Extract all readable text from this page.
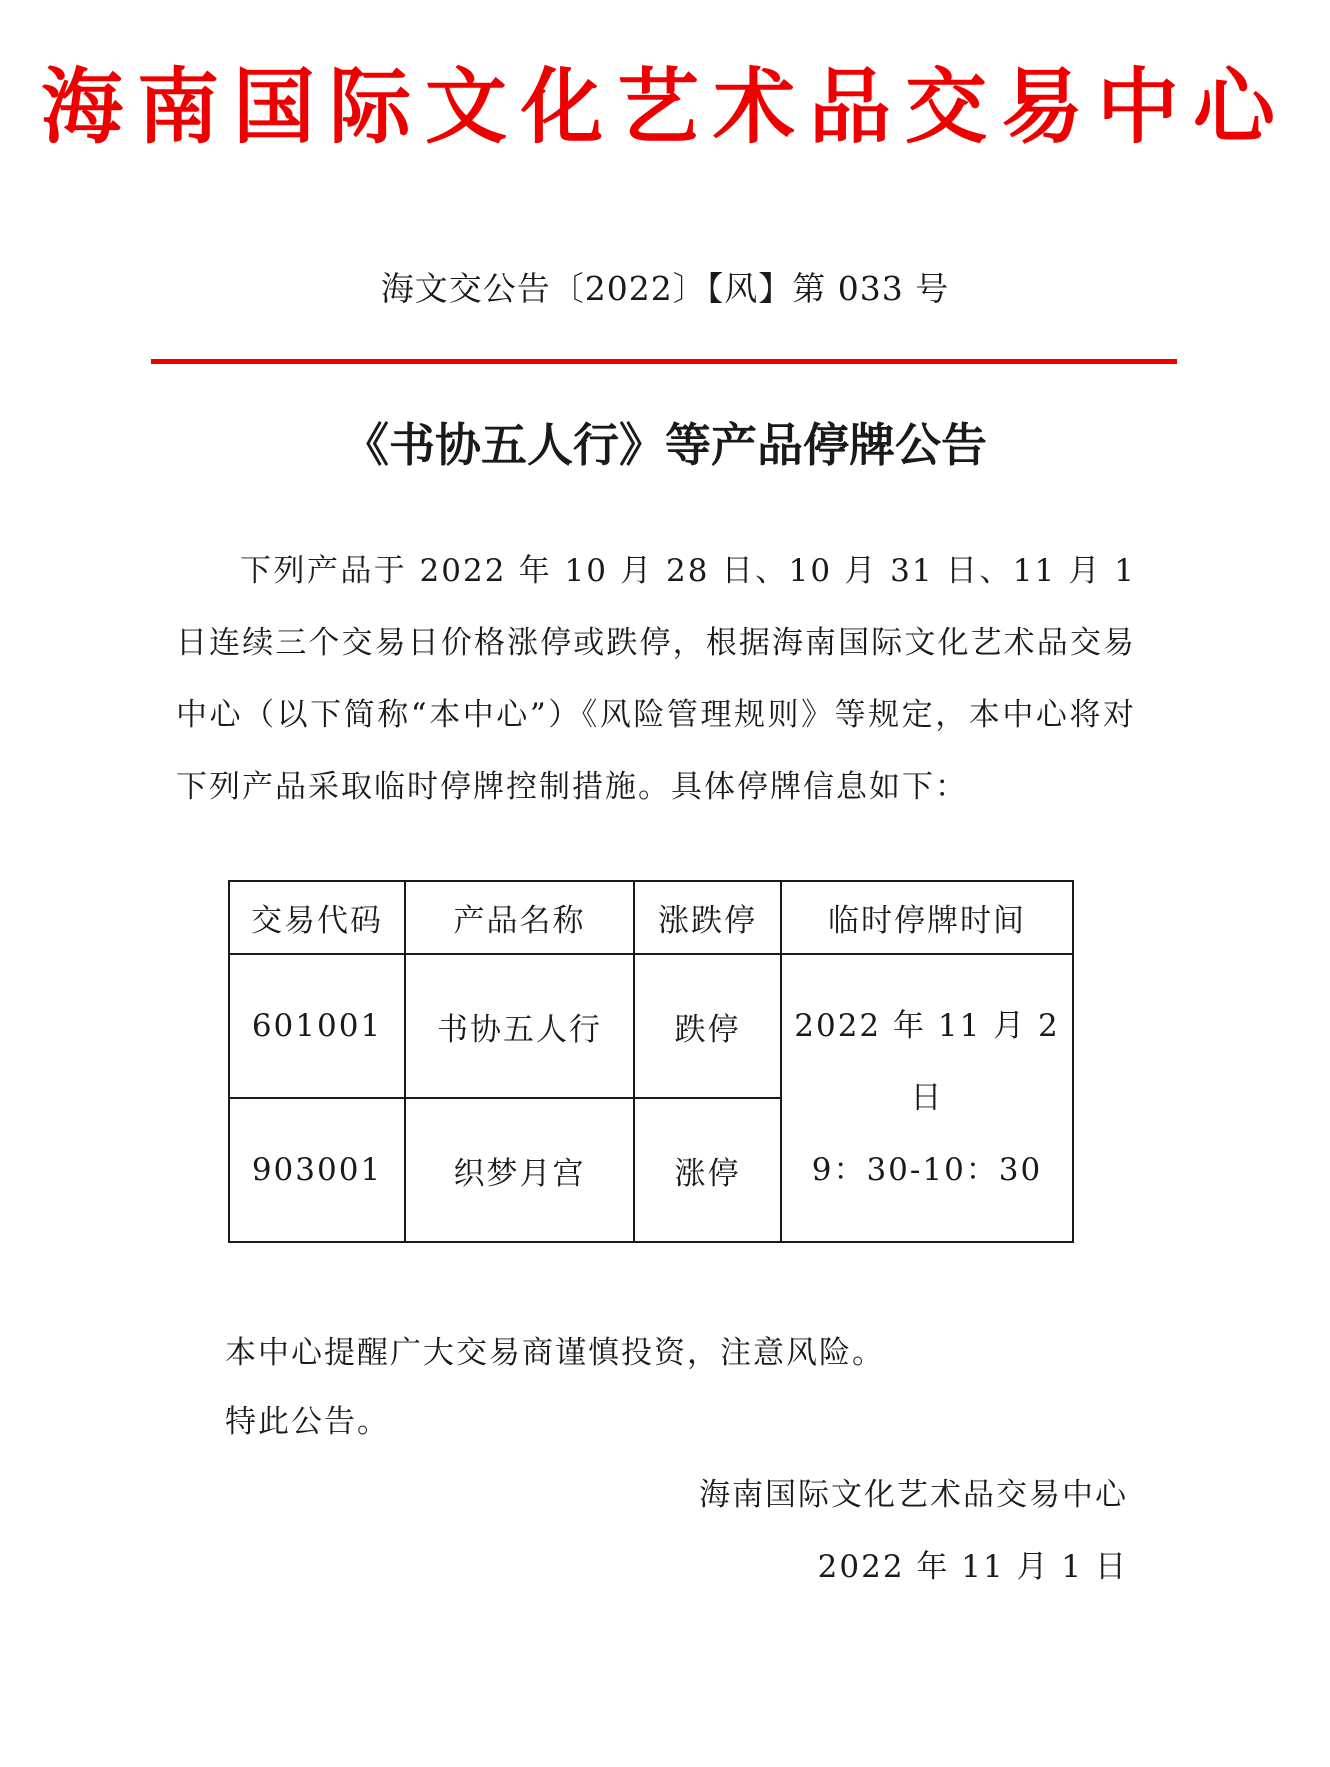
海南国际文化艺术品交易中心
海文交公告〔2022〕【风】第 033 号
《书协五人行》等产品停牌公告
下列产品于 2022 年 10 月 28 日、10 月 31 日、11 月 1 日连续三个交易日价格涨停或跌停，根据海南国际文化艺术品交易中心（以下简称“本中心”）《风险管理规则》等规定，本中心将对下列产品采取临时停牌控制措施。具体停牌信息如下：
交易代码	产品名称	涨跌停	临时停牌时间
601001	书协五人行	跌停	2022 年 11 月 2 日
9：30-10：30

903001	织梦月宫	涨停	
本中心提醒广大交易商谨慎投资，注意风险。
特此公告。
海南国际文化艺术品交易中心
2022 年 11 月 1 日
